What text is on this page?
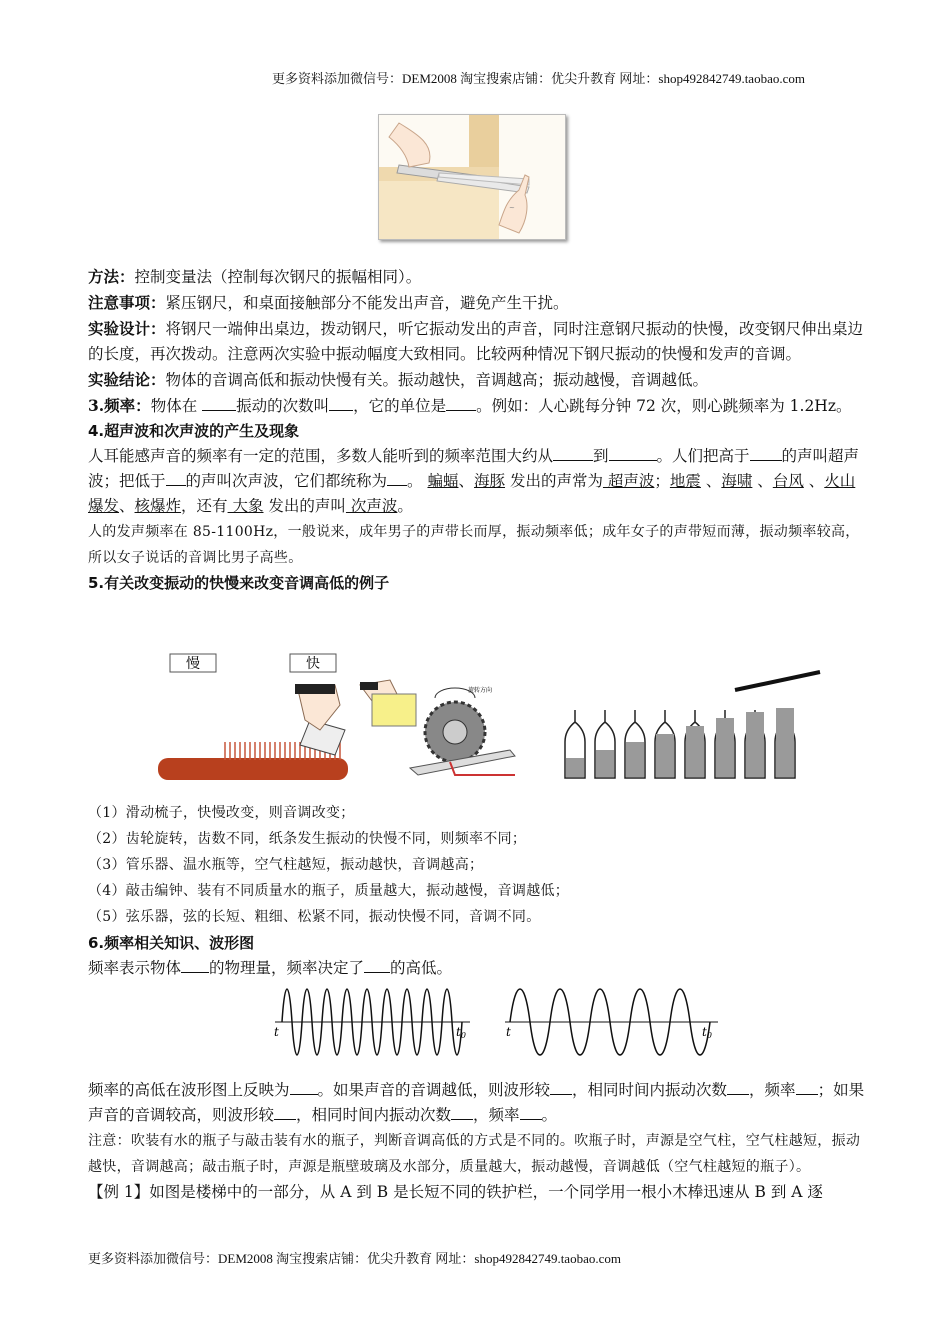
更多资料添加微信号：DEM2008 淘宝搜索店铺：优尖升教育 网址：shop492842749.taobao.com
~

方法：控制变量法（控制每次钢尺的振幅相同）。

注意事项：紧压钢尺，和桌面接触部分不能发出声音，避免产生干扰。

实验设计：将钢尺一端伸出桌边，拨动钢尺，听它振动发出的声音，同时注意钢尺振动的快慢，改变钢尺伸出桌边的长度，再次拨动。注意两次实验中振动幅度大致相同。比较两种情况下钢尺振动的快慢和发声的音调。

实验结论：物体的音调高低和振动快慢有关。振动越快，音调越高；振动越慢，音调越低。

3.频率：物体在 振动的次数叫 ，它的单位是 。例如：人心跳每分钟 72 次，则心跳频率为 1.2Hz。

4.超声波和次声波的产生及现象

人耳能感声音的频率有一定的范围，多数人能听到的频率范围大约从	到	。人们把高于 的声叫超声波；把低于 的声叫次声波，它们都统称为 。 蝙蝠、海豚 发出的声常为 超声波；地震 、海啸 、台风 、火山爆发、核爆炸，还有 大象 发出的声叫 次声波。

人的发声频率在 85-1100Hz，一般说来，成年男子的声带长而厚，振动频率低；成年女子的声带短而薄，振动频率较高，所以女子说话的音调比男子高些。

5.有关改变振动的快慢来改变音调高低的例子

慢	快
旋转方向

（1）滑动梳子，快慢改变，则音调改变；

（2）齿轮旋转，齿数不同，纸条发生振动的快慢不同，则频率不同；

（3）管乐器、温水瓶等，空气柱越短，振动越快，音调越高；

（4）敲击编钟、装有不同质量水的瓶子，质量越大，振动越慢，音调越低；

（5）弦乐器，弦的长短、粗细、松紧不同，振动快慢不同，音调不同。

6.频率相关知识、波形图

频率表示物体 的物理量，频率决定了 的高低。

t	t0	t	t0

频率的高低在波形图上反映为 。如果声音的音调越低，则波形较 ，相同时间内振动次数 ，频率 ；如果声音的音调较高，则波形较 ，相同时间内振动次数 ，频率 。

注意：吹装有水的瓶子与敲击装有水的瓶子，判断音调高低的方式是不同的。吹瓶子时，声源是空气柱，空气柱越短，振动越快，音调越高；敲击瓶子时，声源是瓶壁玻璃及水部分，质量越大，振动越慢，音调越低（空气柱越短的瓶子）。

【例 1】如图是楼梯中的一部分，从 A 到 B 是长短不同的铁护栏，一个同学用一根小木棒迅速从 B 到 A 逐

更多资料添加微信号：DEM2008 淘宝搜索店铺：优尖升教育 网址：shop492842749.taobao.com
